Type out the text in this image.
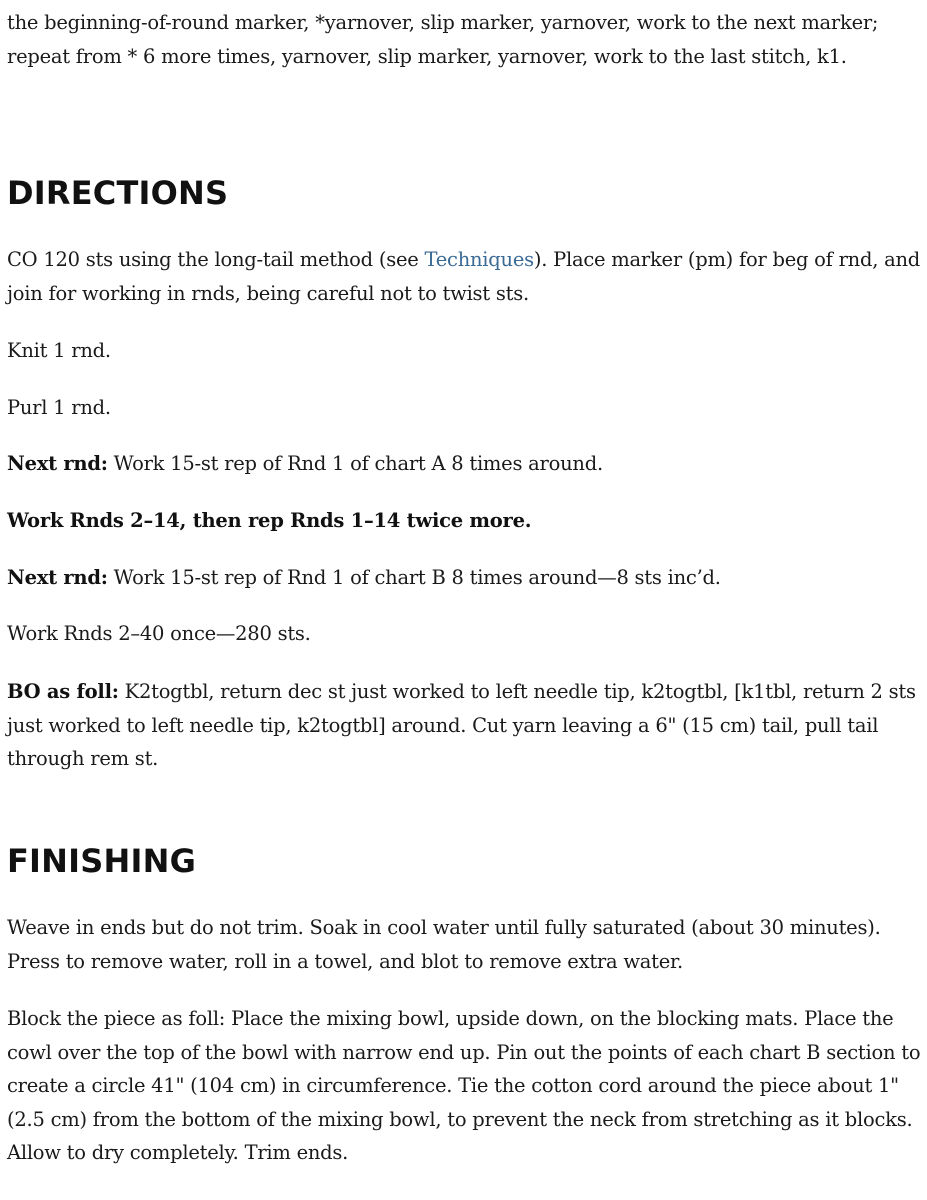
the beginning-of-round marker, *yarnover, slip marker, yarnover, work to the next marker; repeat from * 6 more times, yarnover, slip marker, yarnover, work to the last stitch, k1.

DIRECTIONS

CO 120 sts using the long-tail method (see Techniques). Place marker (pm) for beg of rnd, and join for working in rnds, being careful not to twist sts.

Knit 1 rnd.

Purl 1 rnd.

Next rnd: Work 15-st rep of Rnd 1 of chart A 8 times around.

Work Rnds 2–14, then rep Rnds 1–14 twice more.

Next rnd: Work 15-st rep of Rnd 1 of chart B 8 times around—8 sts inc’d.

Work Rnds 2–40 once—280 sts.

BO as foll: K2togtbl, return dec st just worked to left needle tip, k2togtbl, [k1tbl, return 2 sts just worked to left needle tip, k2togtbl] around. Cut yarn leaving a 6" (15 cm) tail, pull tail through rem st.

FINISHING

Weave in ends but do not trim. Soak in cool water until fully saturated (about 30 minutes). Press to remove water, roll in a towel, and blot to remove extra water.

Block the piece as foll: Place the mixing bowl, upside down, on the blocking mats. Place the cowl over the top of the bowl with narrow end up. Pin out the points of each chart B section to create a circle 41" (104 cm) in circumference. Tie the cotton cord around the piece about 1" (2.5 cm) from the bottom of the mixing bowl, to prevent the neck from stretching as it blocks. Allow to dry completely. Trim ends.
